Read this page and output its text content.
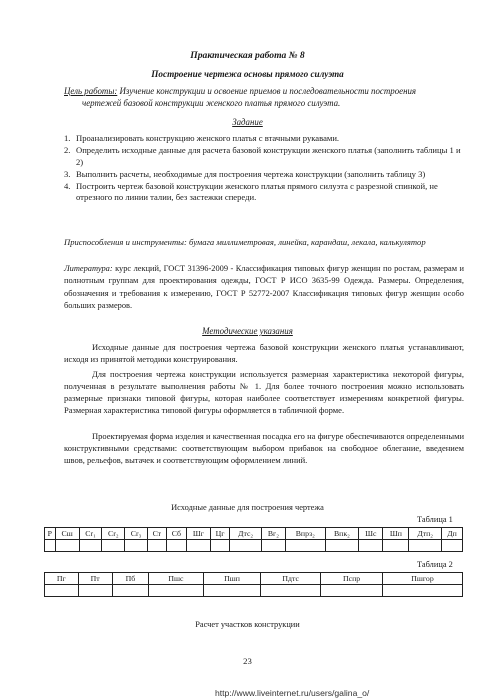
Практическая работа № 8
Построение чертежа основы прямого силуэта
Цель работы: Изучение конструкции и освоение приемов и последовательности построения
чертежей базовой конструкции женского платья прямого силуэта.
Задание
1. Проанализировать конструкцию женского платья с втачными рукавами.
2. Определить исходные данные для расчета базовой конструкции женского платья (заполнить таблицы 1 и 2)
3. Выполнить расчеты, необходимые для построения чертежа конструкции (заполнить таблицу 3)
4. Построить чертеж базовой конструкции женского платья прямого силуэта с разрезной спинкой, не отрезного по линии талии, без застежки спереди.
Приспособления и инструменты: бумага миллиметровая, линейка, карандаш, лекала, калькулятор
Литература: курс лекций, ГОСТ 31396-2009 - Классификация типовых фигур женщин по ростам, размерам и полнотным группам для проектирования одежды, ГОСТ Р ИСО 3635-99 Одежда. Размеры. Определения, обозначения и требования к измерению, ГОСТ Р 52772-2007 Классификация типовых фигур женщин особо больших размеров.
Методические указания
Исходные данные для построения чертежа базовой конструкции женского платья устанавливают, исходя из принятой методики конструирования.
Для построения чертежа конструкции используется размерная характеристика некоторой фигуры, полученная в результате выполнения работы № 1. Для более точного построения можно использовать размерные признаки типовой фигуры, которая наиболее соответствует измерениям конкретной фигуры. Размерная характеристика типовой фигуры оформляется в табличной форме.
Проектируемая форма изделия и качественная посадка его на фигуре обеспечиваются определенными конструктивными средствами: соответствующим выбором прибавок на свободное облегание, введением швов, рельефов, вытачек и соответствующим оформлением линий.
Исходные данные для построения чертежа
Таблица 1
Р	Сш	Сr₁	Сr₂	Сr₃	Ст	Сб	Шг	Цг	Дтс₂	Вг₂	Впрз₂	Впк₂	Шс	Шп	Дтп₂	Дп

Таблица 2
Пг	Пт	Пб	Пшс	Пшп	Пдтс	Пспр	Пшгор

Расчет участков конструкции
23
http://www.liveinternet.ru/users/galina_o/
